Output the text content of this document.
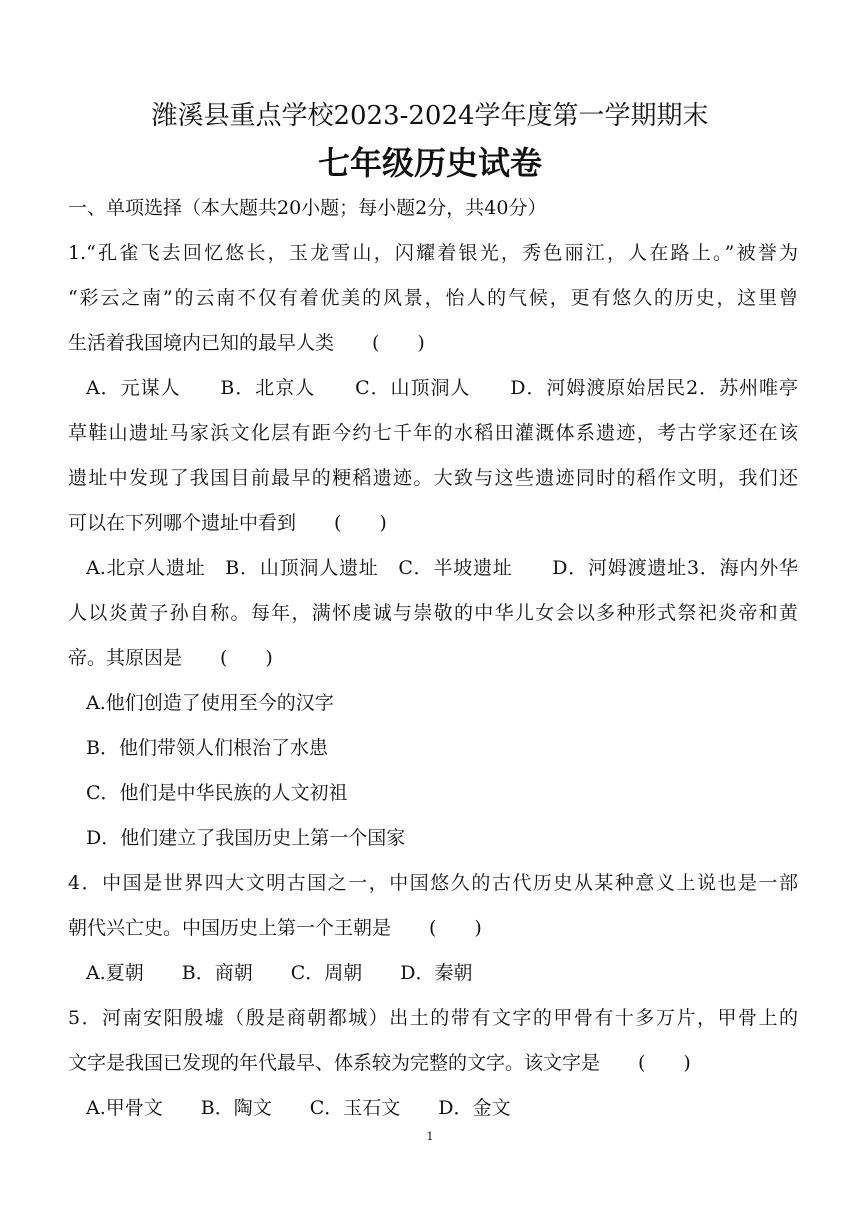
潍溪县重点学校2023-2024学年度第一学期期末
七年级历史试卷
一、单项选择（本大题共20小题；每小题2分，共40分）
1.“孔雀飞去回忆悠长，玉龙雪山，闪耀着银光，秀色丽江，人在路上。”被誉为
“彩云之南”的云南不仅有着优美的风景，怡人的气候，更有悠久的历史，这里曾
生活着我国境内已知的最早人类　　(　　)
A．元谋人　　B．北京人　　C．山顶洞人　　D．河姆渡原始居民2．苏州唯亭
草鞋山遗址马家浜文化层有距今约七千年的水稻田灌溉体系遗迹，考古学家还在该
遗址中发现了我国目前最早的粳稻遗迹。大致与这些遗迹同时的稻作文明，我们还
可以在下列哪个遗址中看到　　(　　)
A.北京人遗址　B．山顶洞人遗址　C．半坡遗址　　D．河姆渡遗址3．海内外华
人以炎黄子孙自称。每年，满怀虔诚与崇敬的中华儿女会以多种形式祭祀炎帝和黄
帝。其原因是　　(　　)
A.他们创造了使用至今的汉字
B．他们带领人们根治了水患
C．他们是中华民族的人文初祖
D．他们建立了我国历史上第一个国家
4．中国是世界四大文明古国之一，中国悠久的古代历史从某种意义上说也是一部
朝代兴亡史。中国历史上第一个王朝是　　(　　)
A.夏朝　　B．商朝　　C．周朝　　D．秦朝
5．河南安阳殷墟（殷是商朝都城）出土的带有文字的甲骨有十多万片，甲骨上的
文字是我国已发现的年代最早、体系较为完整的文字。该文字是　　(　　)
A.甲骨文　　B．陶文　　C．玉石文　　D．金文
1
